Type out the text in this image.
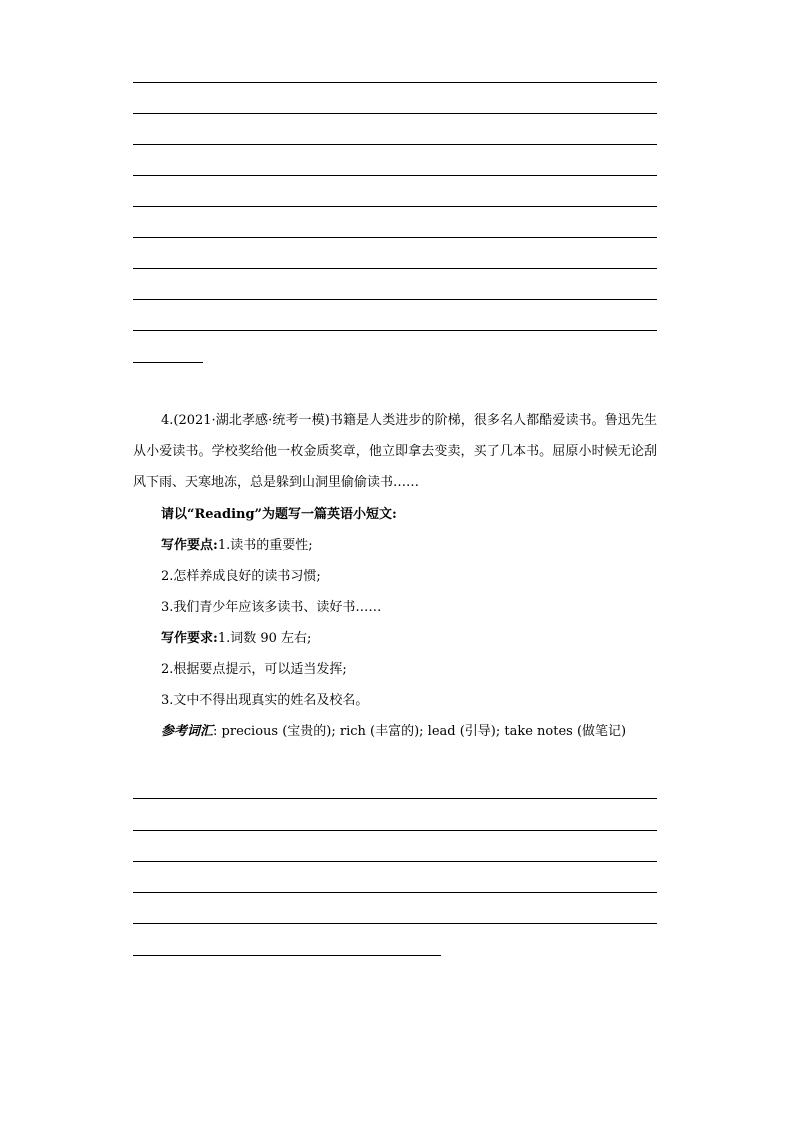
4.(2021·湖北孝感·统考一模)书籍是人类进步的阶梯，很多名人都酷爱读书。鲁迅先生从小爱读书。学校奖给他一枚金质奖章，他立即拿去变卖，买了几本书。屈原小时候无论刮风下雨、天寒地冻，总是躲到山洞里偷偷读书……
请以“Reading”为题写一篇英语小短文:
写作要点:1.读书的重要性;
2.怎样养成良好的读书习惯;
3.我们青少年应该多读书、读好书……
写作要求:1.词数 90 左右;
2.根据要点提示，可以适当发挥;
3.文中不得出现真实的姓名及校名。
参考词汇: precious (宝贵的); rich (丰富的); lead (引导); take notes (做笔记)
